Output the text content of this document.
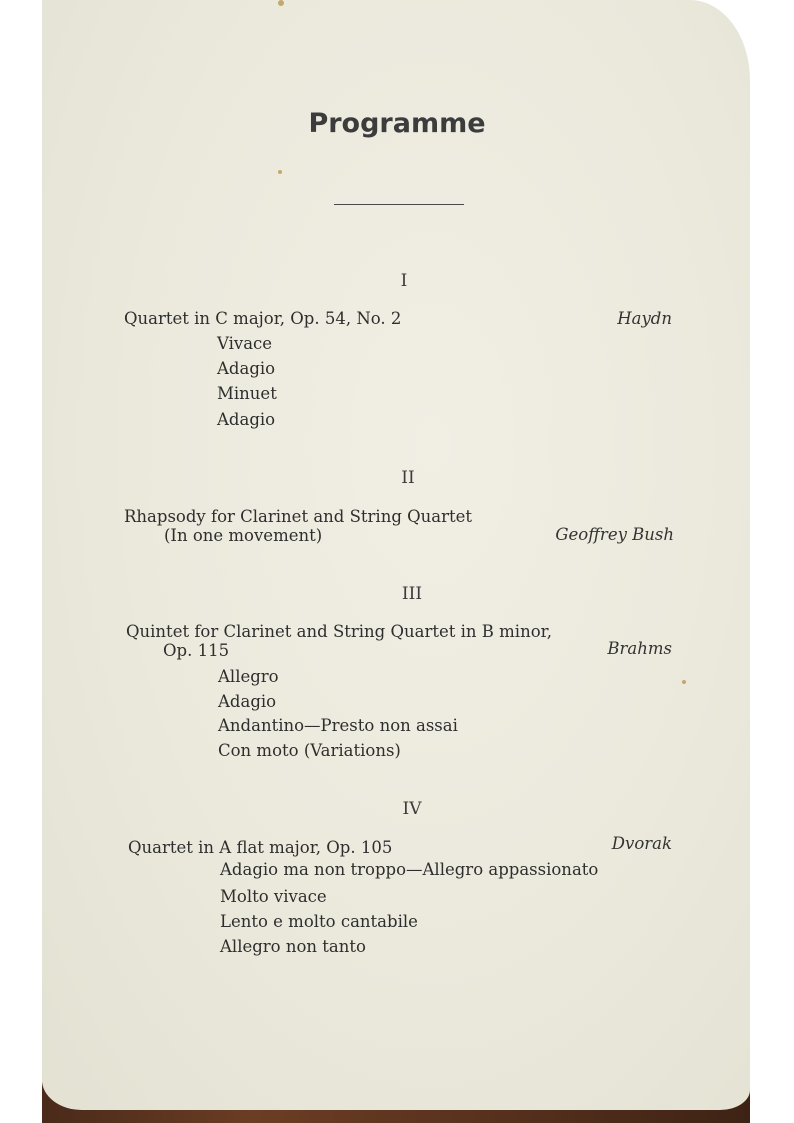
Programme
I
Quartet in C major, Op. 54, No. 2	Haydn
Vivace
Adagio
Minuet
Adagio
II
Rhapsody for Clarinet and String Quartet
(In one movement)	Geoffrey Bush
III
Quintet for Clarinet and String Quartet in B minor,
Op. 115	Brahms
Allegro
Adagio
Andantino—Presto non assai
Con moto (Variations)
IV
Quartet in A flat major, Op. 105	Dvorak
Adagio ma non troppo—Allegro appassionato
Molto vivace
Lento e molto cantabile
Allegro non tanto
